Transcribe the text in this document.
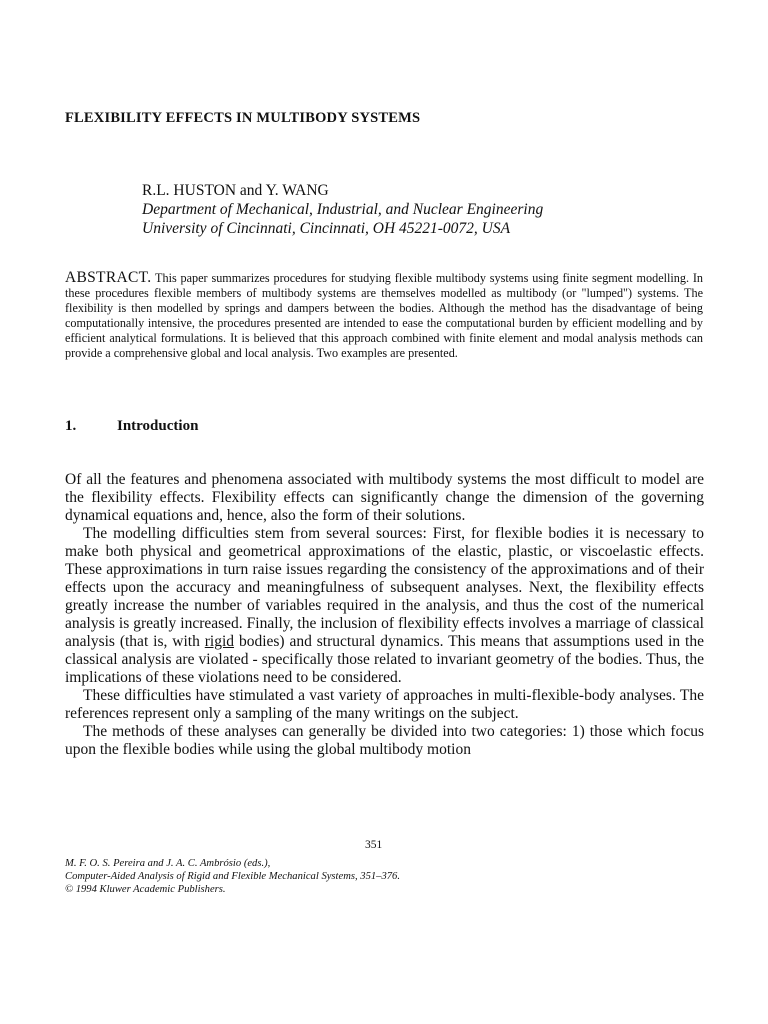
FLEXIBILITY EFFECTS IN MULTIBODY SYSTEMS
R.L. HUSTON and Y. WANG
Department of Mechanical, Industrial, and Nuclear Engineering
University of Cincinnati, Cincinnati, OH 45221-0072, USA
ABSTRACT. This paper summarizes procedures for studying flexible multibody systems using finite segment modelling. In these procedures flexible members of multibody systems are themselves modelled as multibody (or "lumped") systems. The flexibility is then modelled by springs and dampers between the bodies. Although the method has the disadvantage of being computationally intensive, the procedures presented are intended to ease the computational burden by efficient modelling and by efficient analytical formulations. It is believed that this approach combined with finite element and modal analysis methods can provide a comprehensive global and local analysis. Two examples are presented.
1.	Introduction

Of all the features and phenomena associated with multibody systems the most difficult to model are the flexibility effects. Flexibility effects can significantly change the dimension of the governing dynamical equations and, hence, also the form of their solutions.

The modelling difficulties stem from several sources: First, for flexible bodies it is necessary to make both physical and geometrical approximations of the elastic, plastic, or viscoelastic effects. These approximations in turn raise issues regarding the consistency of the approximations and of their effects upon the accuracy and meaningfulness of subsequent analyses. Next, the flexibility effects greatly increase the number of variables required in the analysis, and thus the cost of the numerical analysis is greatly increased. Finally, the inclusion of flexibility effects involves a marriage of classical analysis (that is, with rigid bodies) and structural dynamics. This means that assumptions used in the classical analysis are violated - specifically those related to invariant geometry of the bodies. Thus, the implications of these violations need to be considered.

These difficulties have stimulated a vast variety of approaches in multi-flexible-body analyses. The references represent only a sampling of the many writings on the subject.

The methods of these analyses can generally be divided into two categories: 1) those which focus upon the flexible bodies while using the global multibody motion

351
M. F. O. S. Pereira and J. A. C. Ambrósio (eds.),
Computer-Aided Analysis of Rigid and Flexible Mechanical Systems, 351–376.
© 1994 Kluwer Academic Publishers.
